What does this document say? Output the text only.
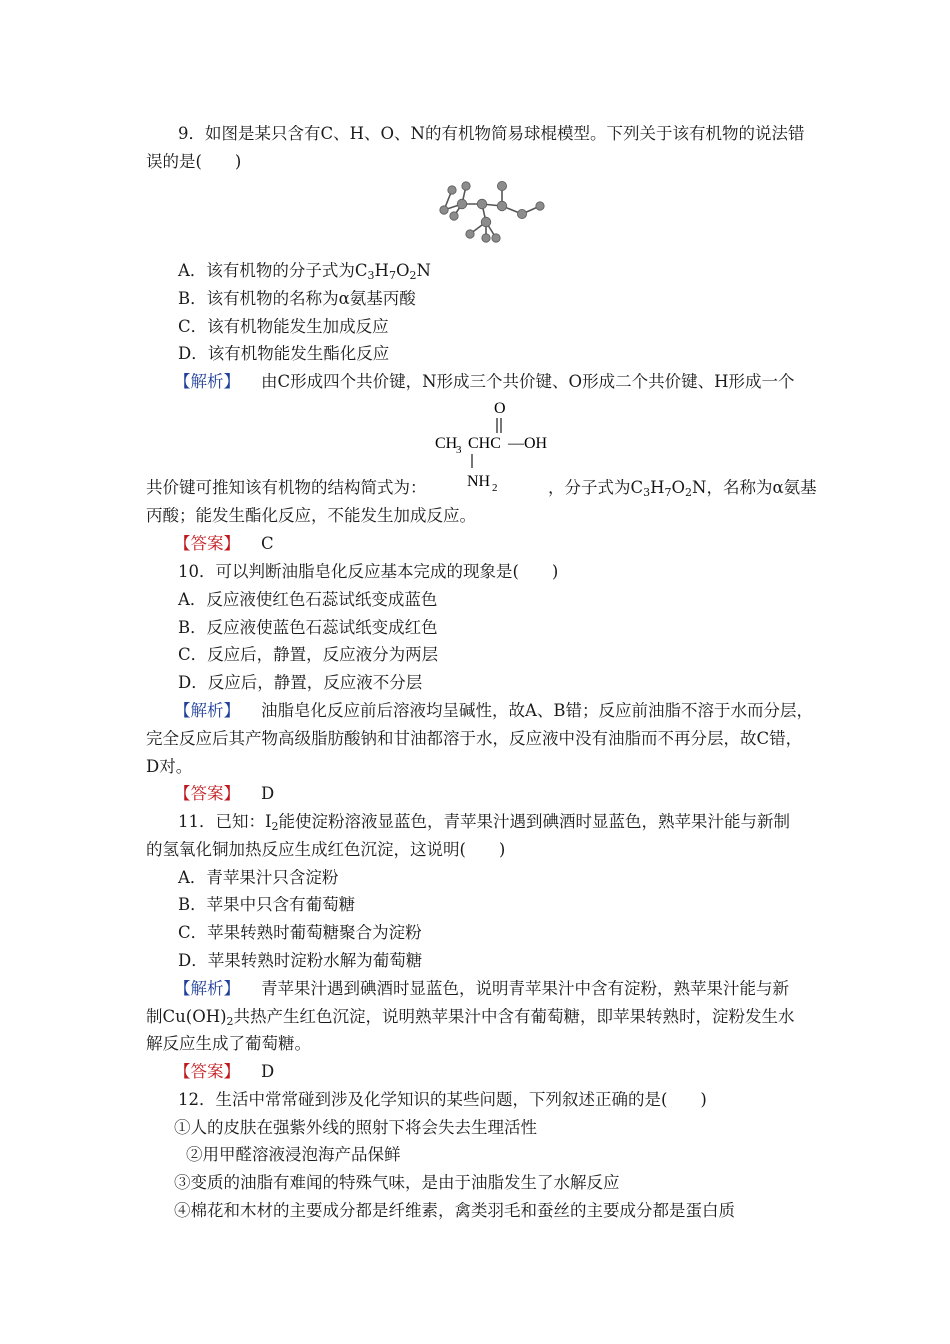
9．如图是某只含有C、H、O、N的有机物简易球棍模型。下列关于该有机物的说法错
误的是(　　)
A．该有机物的分子式为$C_3H_7O_2N$
B．该有机物的名称为α氨基丙酸
C．该有机物能发生加成反应
D．该有机物能发生酯化反应
【解析】 由C形成四个共价键，N形成三个共价键、O形成二个共价键、H形成一个
O
CH
3 CHC —OH
NH 2
共价键可推知该有机物的结构简式为：	，分子式为$C_3H_7O_2N$，名称为α氨基
丙酸；能发生酯化反应，不能发生加成反应。
【答案】 C
10．可以判断油脂皂化反应基本完成的现象是(　　)
A．反应液使红色石蕊试纸变成蓝色
B．反应液使蓝色石蕊试纸变成红色
C．反应后，静置，反应液分为两层
D．反应后，静置，反应液不分层
【解析】 油脂皂化反应前后溶液均呈碱性，故A、B错；反应前油脂不溶于水而分层，
完全反应后其产物高级脂肪酸钠和甘油都溶于水，反应液中没有油脂而不再分层，故C错，
D对。
【答案】 D
11．已知：$I_2$能使淀粉溶液显蓝色，青苹果汁遇到碘酒时显蓝色，熟苹果汁能与新制
的氢氧化铜加热反应生成红色沉淀，这说明(　　)
A．青苹果汁只含淀粉
B．苹果中只含有葡萄糖
C．苹果转熟时葡萄糖聚合为淀粉
D．苹果转熟时淀粉水解为葡萄糖
【解析】 青苹果汁遇到碘酒时显蓝色，说明青苹果汁中含有淀粉，熟苹果汁能与新
制$Cu(OH)_2$共热产生红色沉淀，说明熟苹果汁中含有葡萄糖，即苹果转熟时，淀粉发生水
解反应生成了葡萄糖。
【答案】 D
12．生活中常常碰到涉及化学知识的某些问题，下列叙述正确的是(　　)
①人的皮肤在强紫外线的照射下将会失去生理活性
②用甲醛溶液浸泡海产品保鲜
③变质的油脂有难闻的特殊气味，是由于油脂发生了水解反应
④棉花和木材的主要成分都是纤维素，禽类羽毛和蚕丝的主要成分都是蛋白质
